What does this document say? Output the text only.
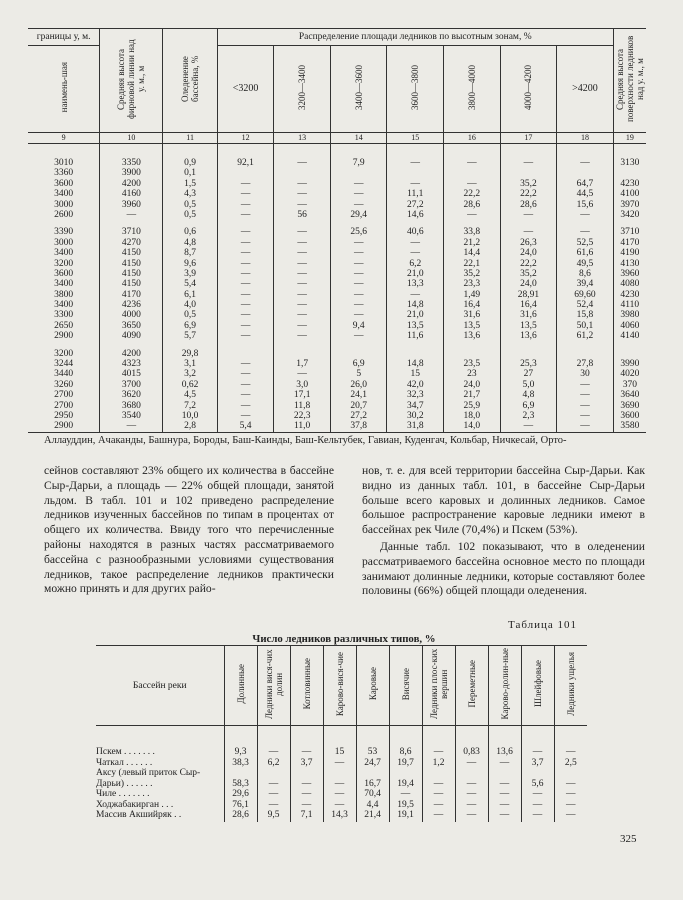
границы у, м.	Средняя высота фирновой линии над у. м., м	Оледенение бассейна, %	Распределение площади ледников по высотным зонам, %							Средняя высота поверхности ледников над у. м., м
наимень-шая			<3200	3200—3400	3400—3600	3600—3800	3800—4000	4000—4200	>4200	
9	10	11	12	13	14	15	16	17	18	19

3010	3350	0,9	92,1	—	7,9	—	—	—	—	3130
3360	3900	0,1								
3600	4200	1,5	—	—	—	—	—	35,2	64,7	4230
3400	4160	4,3	—	—	—	11,1	22,2	22,2	44,5	4100
3000	3960	0,5	—	—	—	27,2	28,6	28,6	15,6	3970
2600	—	0,5	—	56	29,4	14,6	—	—	—	3420

3390	3710	0,6	—	—	25,6	40,6	33,8	—	—	3710
3000	4270	4,8	—	—	—	—	21,2	26,3	52,5	4170
3400	4150	8,7	—	—	—	—	14,4	24,0	61,6	4190
3200	4150	9,6	—	—	—	6,2	22,1	22,2	49,5	4130
3600	4150	3,9	—	—	—	21,0	35,2	35,2	8,6	3960
3400	4150	5,4	—	—	—	13,3	23,3	24,0	39,4	4080
3800	4170	6,1	—	—	—	—	1,49	28,91	69,60	4230
3400	4236	4,0	—	—	—	14,8	16,4	16,4	52,4	4110
3300	4000	0,5	—	—	—	21,0	31,6	31,6	15,8	3980
2650	3650	6,9	—	—	9,4	13,5	13,5	13,5	50,1	4060
2900	4090	5,7	—	—	—	11,6	13,6	13,6	61,2	4140

3200	4200	29,8								
3244	4323	3,1	—	1,7	6,9	14,8	23,5	25,3	27,8	3990
3440	4015	3,2	—	—	5	15	23	27	30	4020
3260	3700	0,62	—	3,0	26,0	42,0	24,0	5,0	—	370
2700	3620	4,5	—	17,1	24,1	32,3	21,7	4,8	—	3640
2700	3680	7,2	—	11,8	20,7	34,7	25,9	6,9	—	3690
2950	3540	10,0	—	22,3	27,2	30,2	18,0	2,3	—	3600
2900	—	2,8	5,4	11,0	37,8	31,8	14,0	—	—	3580
Аллауддин, Ачаканды, Башнура, Бороды, Баш-Каинды, Баш-Кельтубек, Гавиан, Куденгач, Кольбар, Ничкесай, Орто-

сейнов составляют 23% общего их количества в бассейне Сыр-Дарьи, а площадь — 22% общей площади, занятой льдом. В табл. 101 и 102 приведено распределение ледников изученных бассейнов по типам в процентах от общего их количества. Ввиду того что перечисленные районы находятся в разных частях рассматриваемого бассейна с разнообразными условиями существования ледников, такое распределение ледников практически можно принять и для других райо-

нов, т. е. для всей территории бассейна Сыр-Дарьи. Как видно из данных табл. 101, в бассейне Сыр-Дарьи больше всего каровых и долинных ледников. Самое большое распространение каровые ледники имеют в бассейнах рек Чиле (70,4%) и Пскем (53%).

Данные табл. 102 показывают, что в оледенении рассматриваемого бассейна основное место по площади занимают долинные ледники, которые составляют более половины (66%) общей площади оледенения.

Таблица 101
Число ледников различных типов, %
Бассейн реки	Долинные	Ледники вися-чих долин	Котловинные	Карово-вися-чие	Каровые	Висячие	Ледники плос-ких вершин	Переметные	Карово-долин-ные	Шлейфовые	Ледники ущелья

Пскем . . . . . . .	9,3	—	—	15	53	8,6	—	0,83	13,6	—	—
Чаткал . . . . . .	38,3	6,2	3,7	—	24,7	19,7	1,2	—	—	3,7	2,5
Аксу (левый приток Сыр-											
Дарьи) . . . . . .	58,3	—	—	—	16,7	19,4	—	—	—	5,6	—
Чиле . . . . . . .	29,6	—	—	—	70,4	—	—	—	—	—	—
Ходжабакирган . . .	76,1	—	—	—	4,4	19,5	—	—	—	—	—
Массив Акшийряк . .	28,6	9,5	7,1	14,3	21,4	19,1	—	—	—	—	—
325
